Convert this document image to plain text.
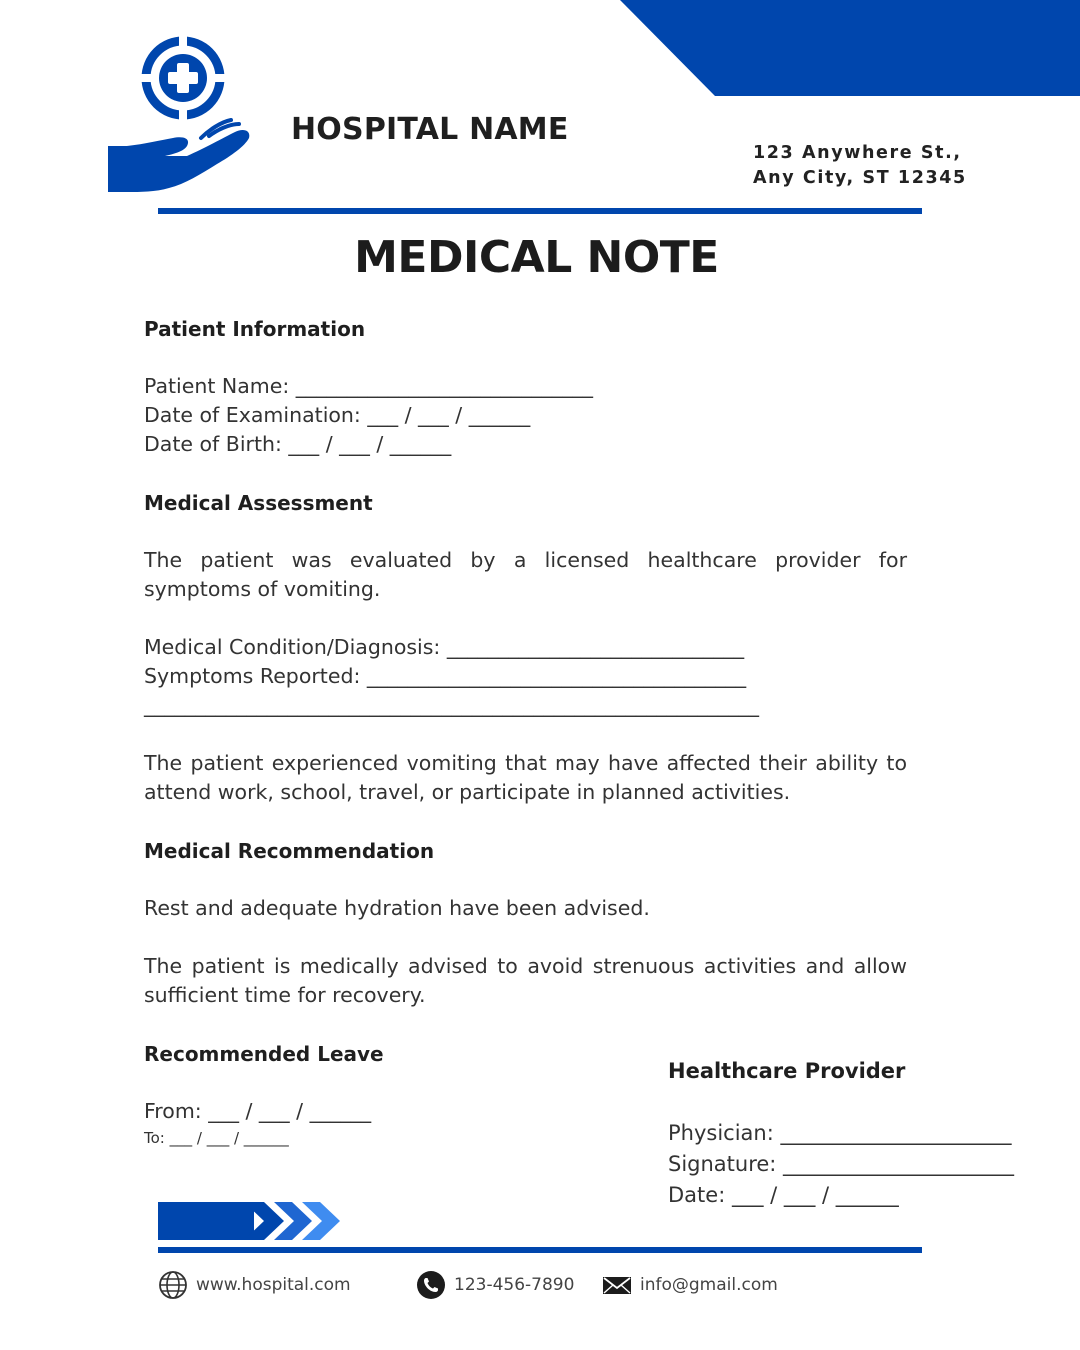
HOSPITAL NAME
123 Anywhere St.,
Any City, ST 12345
MEDICAL NOTE
Patient Information
Patient Name: _____________________________
Date of Examination: ___ / ___ / ______
Date of Birth: ___ / ___ / ______
Medical Assessment
The patient was evaluated by a licensed healthcare provider for symptoms of vomiting.
Medical Condition/Diagnosis: _____________________________
Symptoms Reported: _____________________________________
____________________________________________________________
The patient experienced vomiting that may have affected their ability to attend work, school, travel, or participate in planned activities.
Medical Recommendation
Rest and adequate hydration have been advised.
The patient is medically advised to avoid strenuous activities and allow sufficient time for recovery.
Recommended Leave
From: ___ / ___ / ______
To: ___ / ___ / ______
Healthcare Provider
Physician: ______________________
Signature: ______________________
Date: ___ / ___ / ______
www.hospital.com	123-456-7890	info@gmail.com
